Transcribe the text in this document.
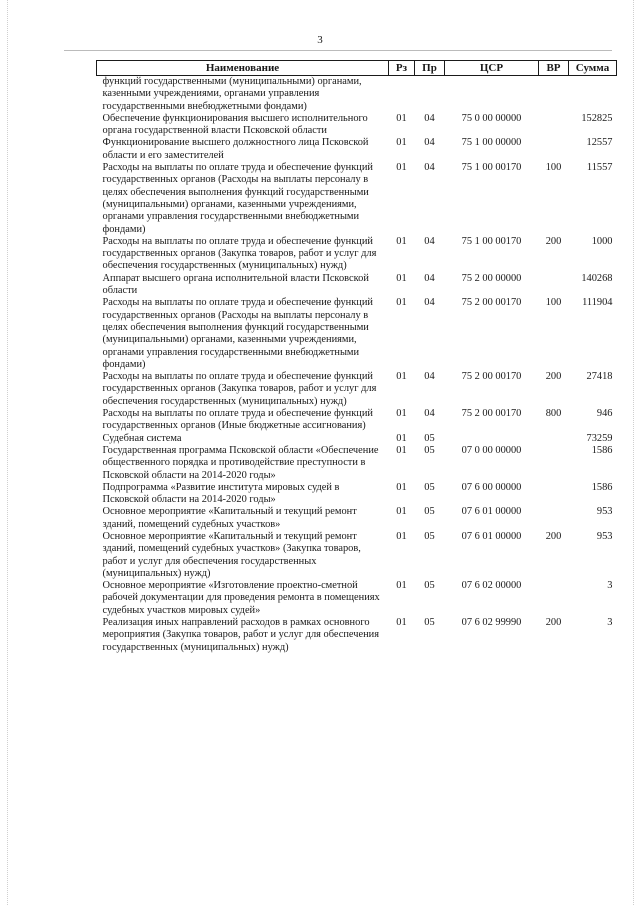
3
Наименование	Рз	Пр	ЦСР	ВР	Сумма
функций государственными (муниципальными) органами, казенными учреждениями, органами управления государственными внебюджетными фондами)					
Обеспечение функционирования высшего исполнительного органа государственной власти Псковской области	01	04	75 0 00 00000		152825
Функционирование высшего должностного лица Псковской области и его заместителей	01	04	75 1 00 00000		12557
Расходы на выплаты по оплате труда и обеспечение функций государственных органов (Расходы на выплаты персоналу в целях обеспечения выполнения функций государственными (муниципальными) органами, казенными учреждениями, органами управления государственными внебюджетными фондами)	01	04	75 1 00 00170	100	11557
Расходы на выплаты по оплате труда и обеспечение функций государственных органов (Закупка товаров, работ и услуг для обеспечения государственных (муниципальных) нужд)	01	04	75 1 00 00170	200	1000
Аппарат высшего органа исполнительной власти Псковской области	01	04	75 2 00 00000		140268
Расходы на выплаты по оплате труда и обеспечение функций государственных органов (Расходы на выплаты персоналу в целях обеспечения выполнения функций государственными (муниципальными) органами, казенными учреждениями, органами управления государственными внебюджетными фондами)	01	04	75 2 00 00170	100	111904
Расходы на выплаты по оплате труда и обеспечение функций государственных органов (Закупка товаров, работ и услуг для обеспечения государственных (муниципальных) нужд)	01	04	75 2 00 00170	200	27418
Расходы на выплаты по оплате труда и обеспечение функций государственных органов (Иные бюджетные ассигнования)	01	04	75 2 00 00170	800	946
Судебная система	01	05			73259
Государственная программа Псковской области «Обеспечение общественного порядка и противодействие преступности в Псковской области на 2014-2020 годы»	01	05	07 0 00 00000		1586
Подпрограмма «Развитие института мировых судей в Псковской области на 2014-2020 годы»	01	05	07 6 00 00000		1586
Основное мероприятие «Капитальный и текущий ремонт зданий, помещений судебных участков»	01	05	07 6 01 00000		953
Основное мероприятие «Капитальный и текущий ремонт зданий, помещений судебных участков» (Закупка товаров, работ и услуг для обеспечения государственных (муниципальных) нужд)	01	05	07 6 01 00000	200	953
Основное мероприятие «Изготовление проектно-сметной рабочей документации для проведения ремонта в помещениях судебных участков мировых судей»	01	05	07 6 02 00000		3
Реализация иных направлений расходов в рамках основного мероприятия (Закупка товаров, работ и услуг для обеспечения государственных (муниципальных) нужд)	01	05	07 6 02 99990	200	3
